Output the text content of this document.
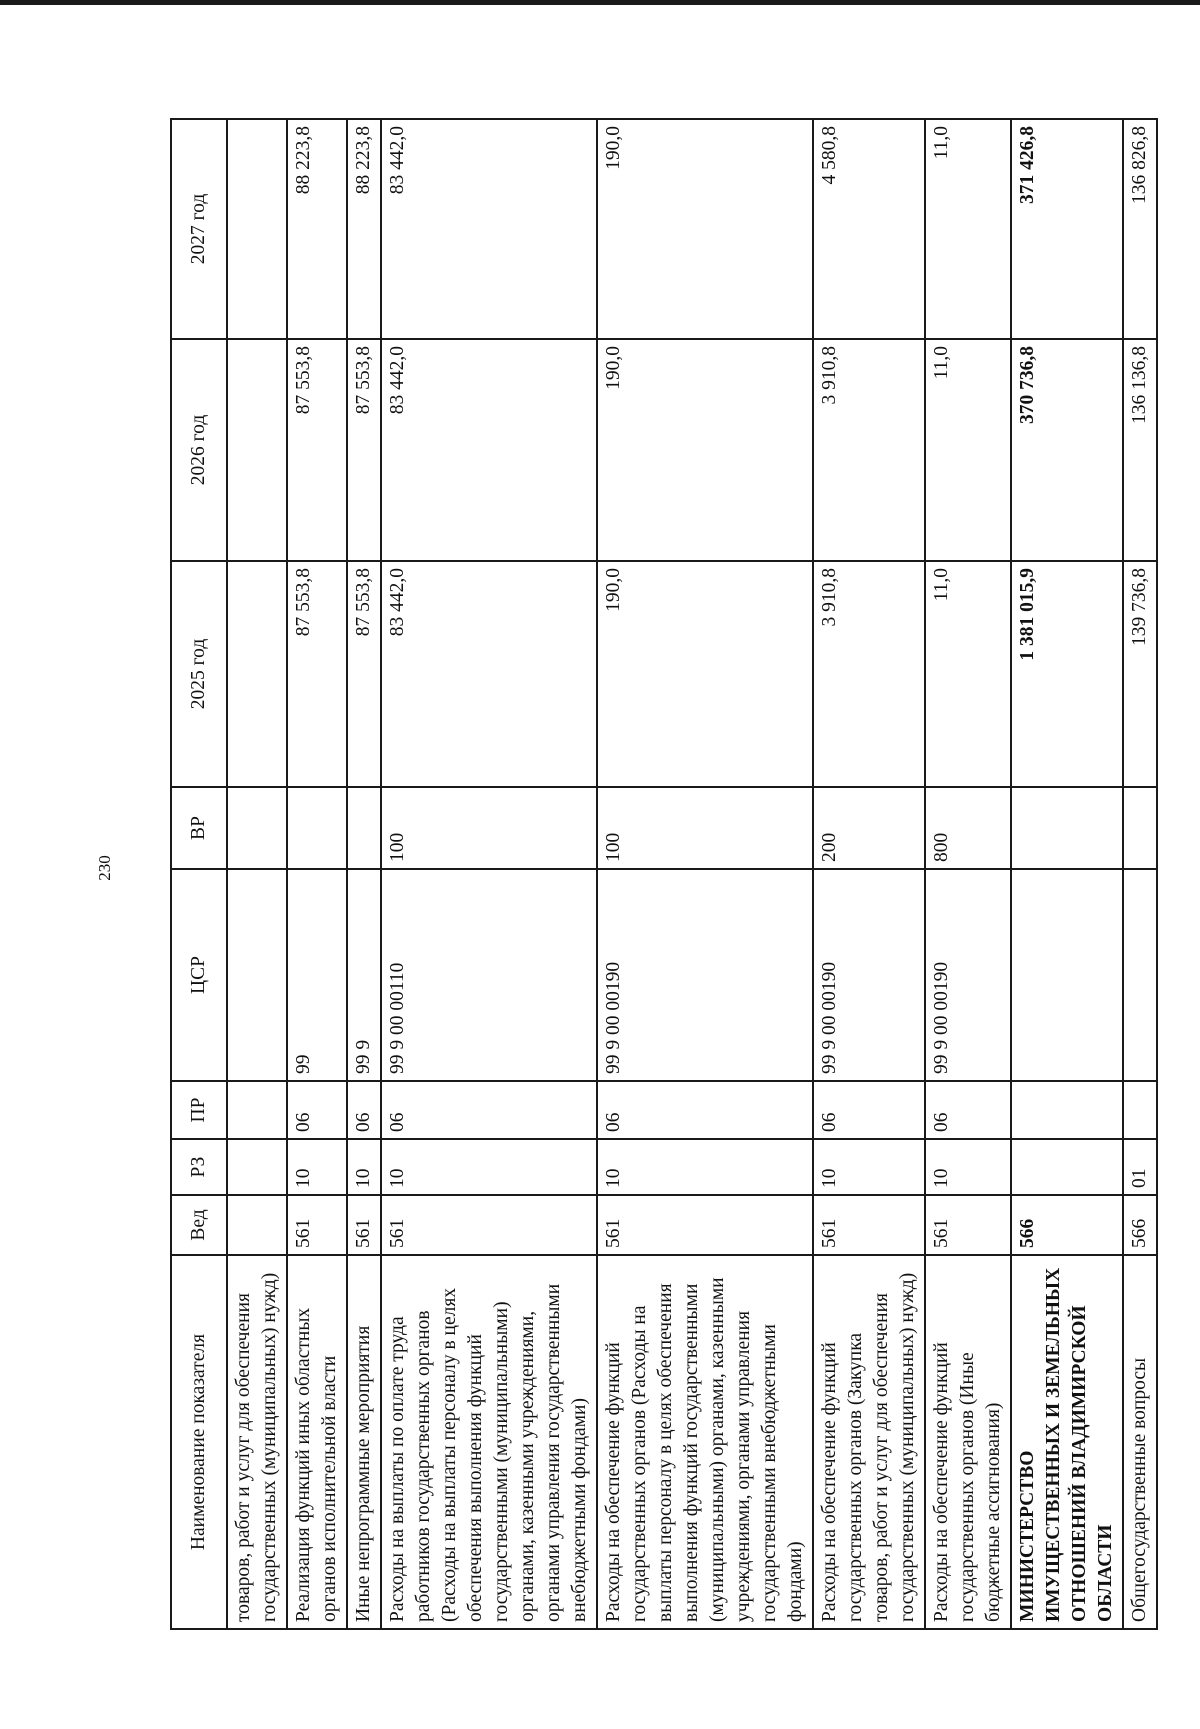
230
Наименование показателя	Вед	РЗ	ПР	ЦСР	ВР	2025 год	2026 год	2027 год
товаров, работ и услуг для обеспечения государственных (муниципальных) нужд)								
Реализация функций иных областных органов исполнительной власти	561	10	06	99		87 553,8	87 553,8	88 223,8
Иные непрограммные мероприятия	561	10	06	99 9		87 553,8	87 553,8	88 223,8
Расходы на выплаты по оплате труда работников государственных органов (Расходы на выплаты персоналу в целях обеспечения выполнения функций государственными (муниципальными) органами, казенными учреждениями, органами управления государственными внебюджетными фондами)	561	10	06	99 9 00 00110	100	83 442,0	83 442,0	83 442,0
Расходы на обеспечение функций государственных органов (Расходы на выплаты персоналу в целях обеспечения выполнения функций государственными (муниципальными) органами, казенными учреждениями, органами управления государственными внебюджетными фондами)	561	10	06	99 9 00 00190	100	190,0	190,0	190,0
Расходы на обеспечение функций государственных органов (Закупка товаров, работ и услуг для обеспечения государственных (муниципальных) нужд)	561	10	06	99 9 00 00190	200	3 910,8	3 910,8	4 580,8
Расходы на обеспечение функций государственных органов (Иные бюджетные ассигнования)	561	10	06	99 9 00 00190	800	11,0	11,0	11,0
МИНИСТЕРСТВО ИМУЩЕСТВЕННЫХ И ЗЕМЕЛЬНЫХ ОТНОШЕНИЙ ВЛАДИМИРСКОЙ ОБЛАСТИ	566					1 381 015,9	370 736,8	371 426,8
Общегосударственные вопросы	566	01				139 736,8	136 136,8	136 826,8
